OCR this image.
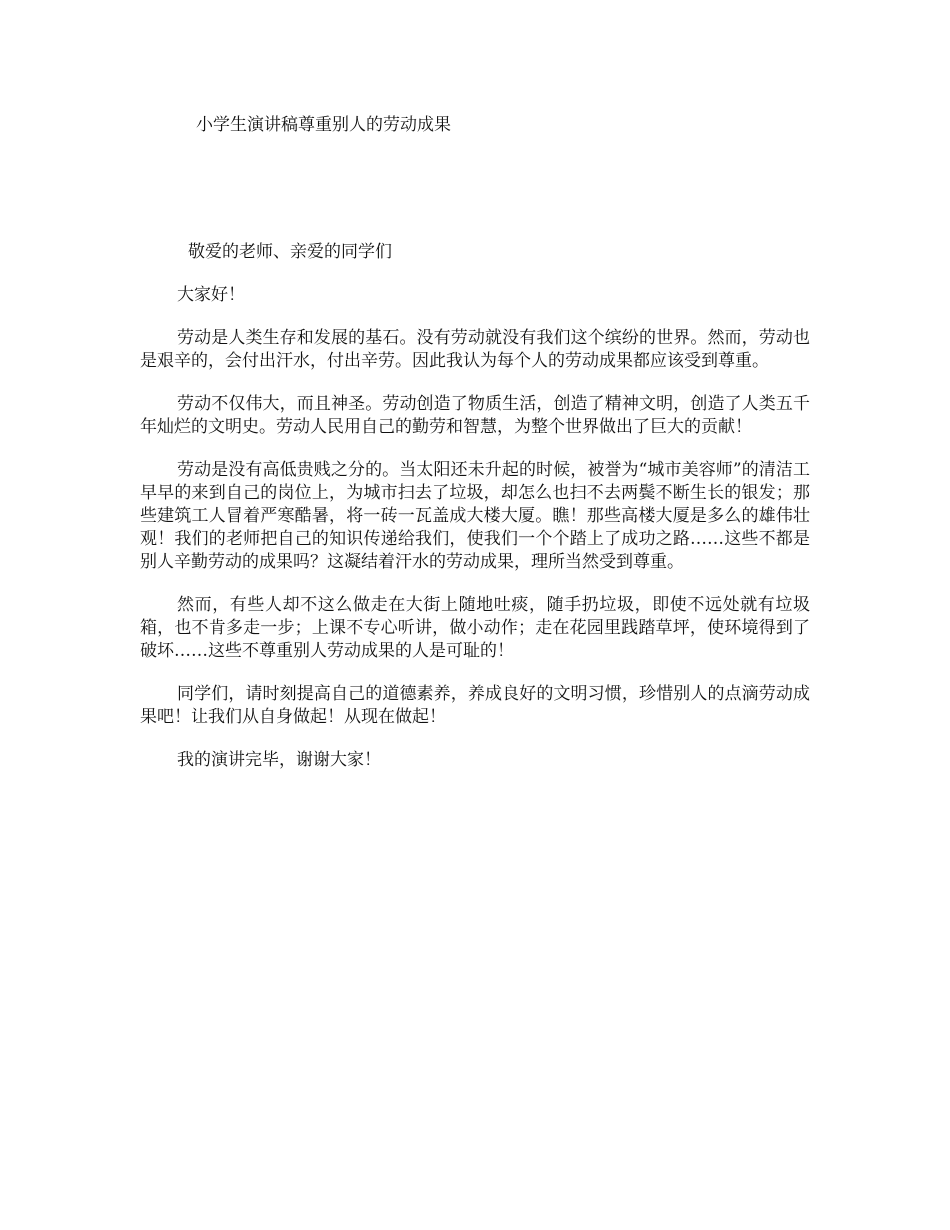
小学生演讲稿尊重别人的劳动成果
敬爱的老师、亲爱的同学们

大家好！

劳动是人类生存和发展的基石。没有劳动就没有我们这个缤纷的世界。然而，劳动也是艰辛的，会付出汗水，付出辛劳。因此我认为每个人的劳动成果都应该受到尊重。

劳动不仅伟大，而且神圣。劳动创造了物质生活，创造了精神文明，创造了人类五千年灿烂的文明史。劳动人民用自己的勤劳和智慧，为整个世界做出了巨大的贡献！

劳动是没有高低贵贱之分的。当太阳还未升起的时候，被誉为“城市美容师”的清洁工早早的来到自己的岗位上，为城市扫去了垃圾，却怎么也扫不去两鬓不断生长的银发；那些建筑工人冒着严寒酷暑，将一砖一瓦盖成大楼大厦。瞧！那些高楼大厦是多么的雄伟壮观！我们的老师把自己的知识传递给我们，使我们一个个踏上了成功之路……这些不都是别人辛勤劳动的成果吗？这凝结着汗水的劳动成果，理所当然受到尊重。

然而，有些人却不这么做走在大街上随地吐痰，随手扔垃圾，即使不远处就有垃圾箱，也不肯多走一步；上课不专心听讲，做小动作；走在花园里践踏草坪，使环境得到了破坏……这些不尊重别人劳动成果的人是可耻的！

同学们，请时刻提高自己的道德素养，养成良好的文明习惯，珍惜别人的点滴劳动成果吧！让我们从自身做起！从现在做起！

我的演讲完毕，谢谢大家！
